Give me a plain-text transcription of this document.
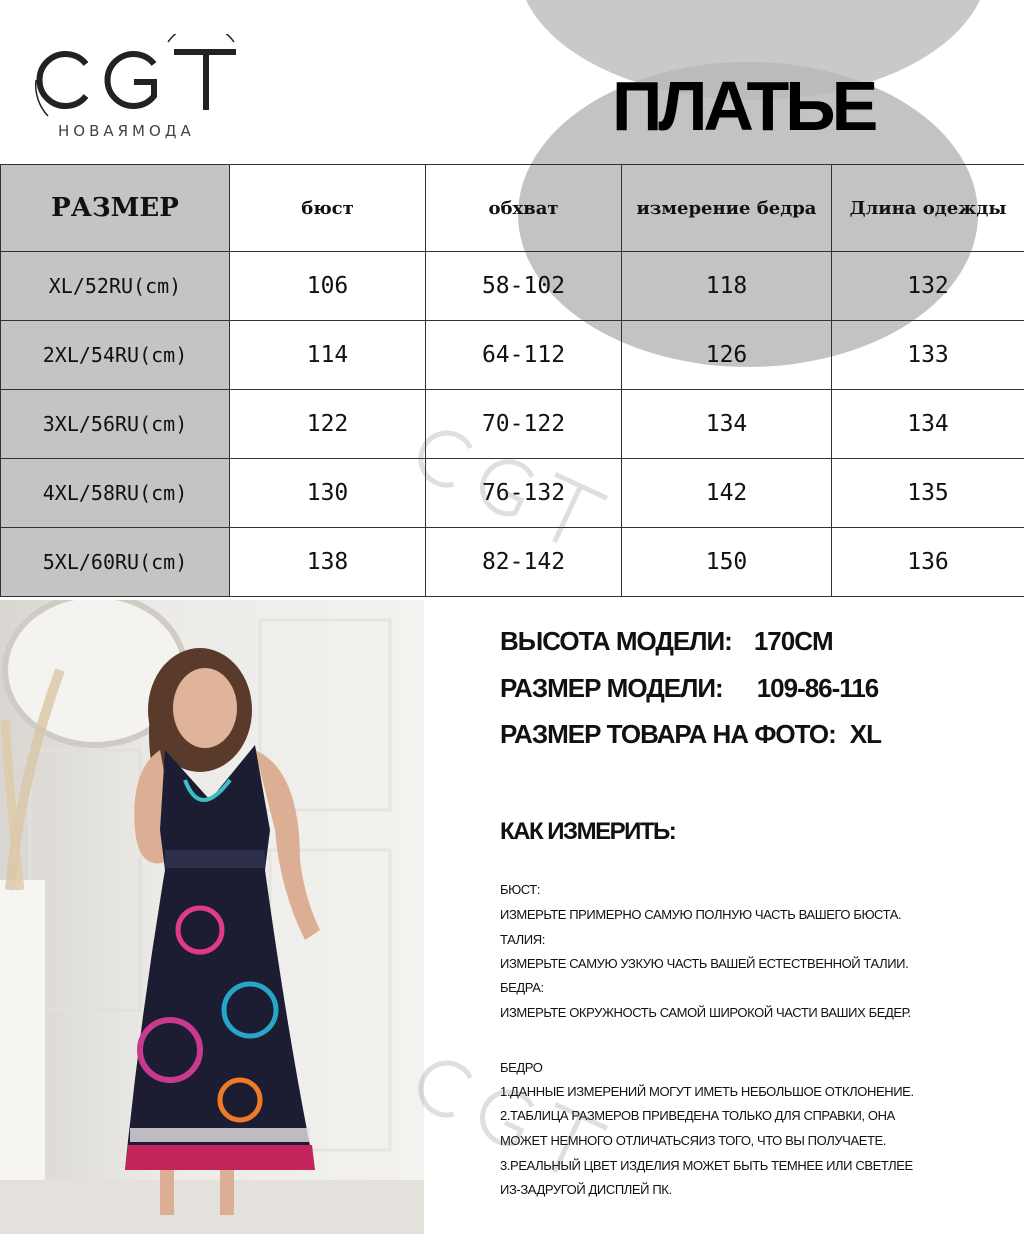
НОВАЯМОДА	ПЛАТЬЕ
РАЗМЕР	бюст	обхват	измерение бедра	Длина одежды
XL/52RU(cm)	106	58-102	118	132
2XL/54RU(cm)	114	64-112	126	133
3XL/56RU(cm)	122	70-122	134	134
4XL/58RU(cm)	130	76-132	142	135
5XL/60RU(cm)	138	82-142	150	136
ВЫСОТА МОДЕЛИ: 170CM
РАЗМЕР МОДЕЛИ: 109-86-116
РАЗМЕР ТОВАРА НА ФОТО: XL
КАК ИЗМЕРИТЬ:
БЮСТ:
ИЗМЕРЬТЕ ПРИМЕРНО САМУЮ ПОЛНУЮ ЧАСТЬ ВАШЕГО БЮСТА.
ТАЛИЯ:
ИЗМЕРЬТЕ САМУЮ УЗКУЮ ЧАСТЬ ВАШЕЙ ЕСТЕСТВЕННОЙ ТАЛИИ.
БЕДРА:
ИЗМЕРЬТЕ ОКРУЖНОСТЬ САМОЙ ШИРОКОЙ ЧАСТИ ВАШИХ БЕДЕР.
БЕДРО
1.ДАННЫЕ ИЗМЕРЕНИЙ МОГУТ ИМЕТЬ НЕБОЛЬШОЕ ОТКЛОНЕНИЕ.
2.ТАБЛИЦА РАЗМЕРОВ ПРИВЕДЕНА ТОЛЬКО ДЛЯ СПРАВКИ, ОНА
МОЖЕТ НЕМНОГО ОТЛИЧАТЬСЯИЗ ТОГО, ЧТО ВЫ ПОЛУЧАЕТЕ.
3.РЕАЛЬНЫЙ ЦВЕТ ИЗДЕЛИЯ МОЖЕТ БЫТЬ ТЕМНЕЕ ИЛИ СВЕТЛЕЕ
ИЗ-ЗАДРУГОЙ ДИСПЛЕЙ ПК.
